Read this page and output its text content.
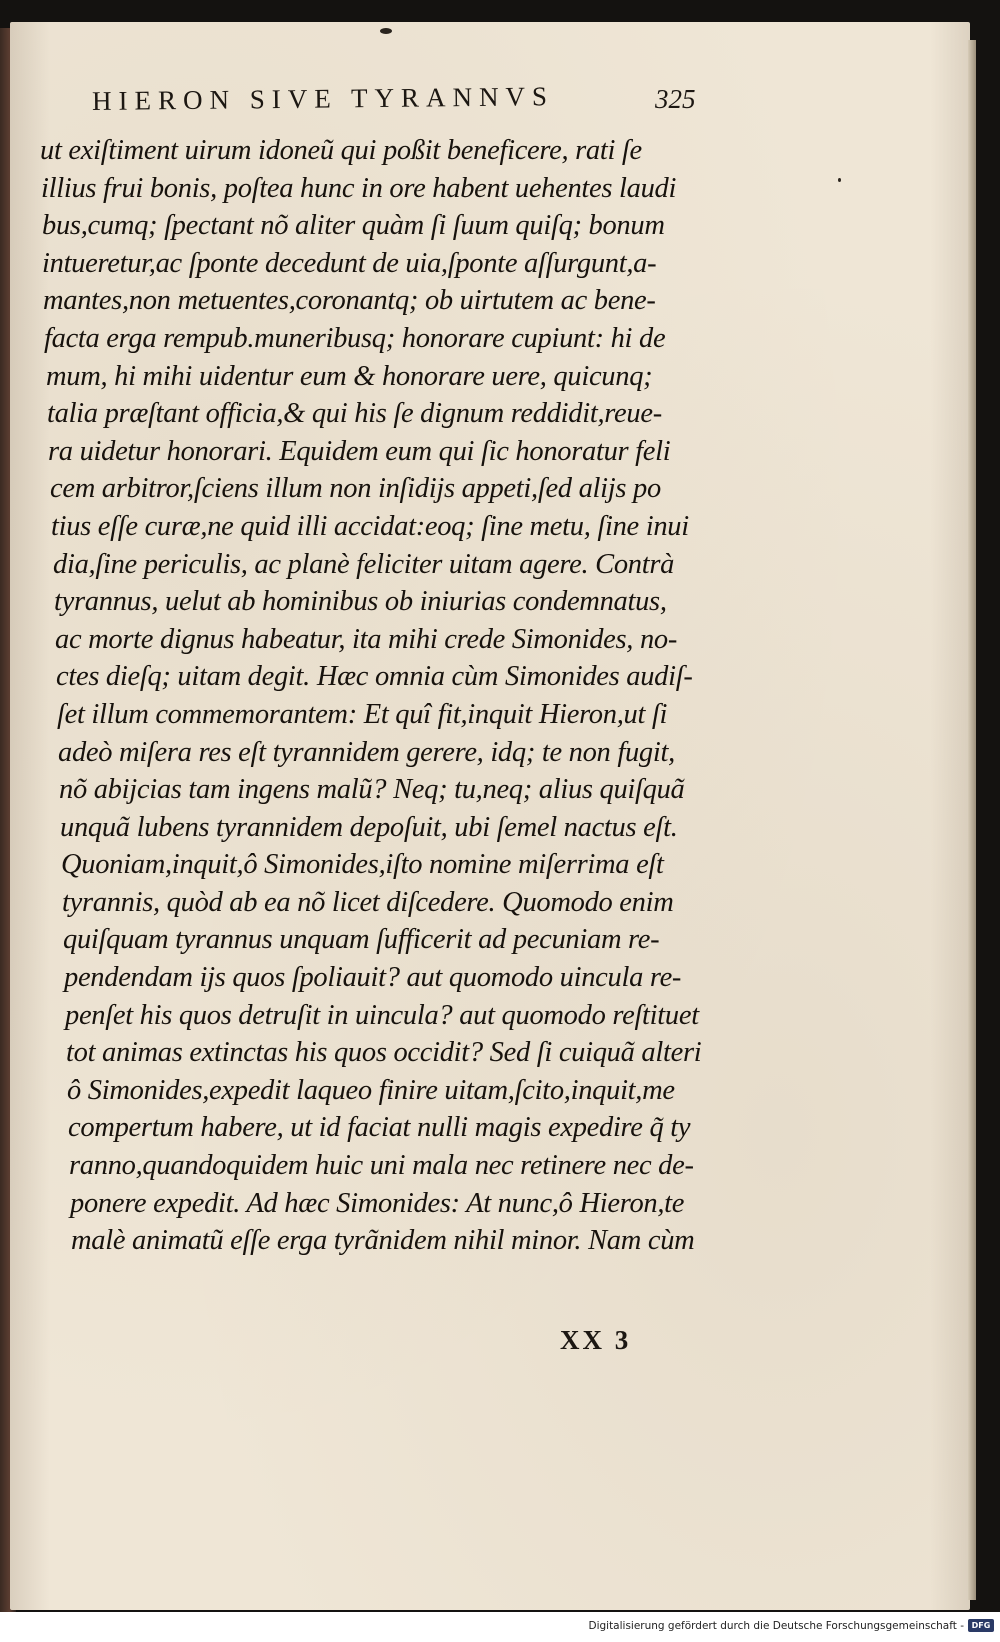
HIERON SIVE TYRANNVS	325
ut exiſtiment uirum idoneũ qui poßit beneficere, rati ſe
illius frui bonis, poſtea hunc in ore habent uehentes laudi
bus,cumq; ſpectant nõ aliter quàm ſi ſuum quiſq; bonum
intueretur,ac ſponte decedunt de uia,ſponte aſſurgunt,a-
mantes,non metuentes,coronantq; ob uirtutem ac bene-
facta erga rempub.muneribusq; honorare cupiunt: hi de
mum, hi mihi uidentur eum & honorare uere, quicunq;
talia præſtant officia,& qui his ſe dignum reddidit,reue-
ra uidetur honorari. Equidem eum qui ſic honoratur feli
cem arbitror,ſciens illum non inſidijs appeti,ſed alijs po
tius eſſe curæ,ne quid illi accidat:eoq; ſine metu, ſine inui
dia,ſine periculis, ac planè feliciter uitam agere. Contrà
tyrannus, uelut ab hominibus ob iniurias condemnatus,
ac morte dignus habeatur, ita mihi crede Simonides, no-
ctes dieſq; uitam degit. Hæc omnia cùm Simonides audiſ-
ſet illum commemorantem: Et quî fit,inquit Hieron,ut ſi
adeò miſera res eſt tyrannidem gerere, idq; te non fugit,
nõ abijcias tam ingens malũ? Neq; tu,neq; alius quiſquã
unquã lubens tyrannidem depoſuit, ubi ſemel nactus eſt.
Quoniam,inquit,ô Simonides,iſto nomine miſerrima eſt
tyrannis, quòd ab ea nõ licet diſcedere. Quomodo enim
quiſquam tyrannus unquam ſufficerit ad pecuniam re-
pendendam ijs quos ſpoliauit? aut quomodo uincula re-
penſet his quos detruſit in uincula? aut quomodo reſtituet
tot animas extinctas his quos occidit? Sed ſi cuiquã alteri
ô Simonides,expedit laqueo finire uitam,ſcito,inquit,me
compertum habere, ut id faciat nulli magis expedire q̃ ty
ranno,quandoquidem huic uni mala nec retinere nec de-
ponere expedit. Ad hæc Simonides: At nunc,ô Hieron,te
malè animatũ eſſe erga tyrãnidem nihil minor. Nam cùm
XX 3
Digitalisierung gefördert durch die Deutsche Forschungsgemeinschaft - DFG
